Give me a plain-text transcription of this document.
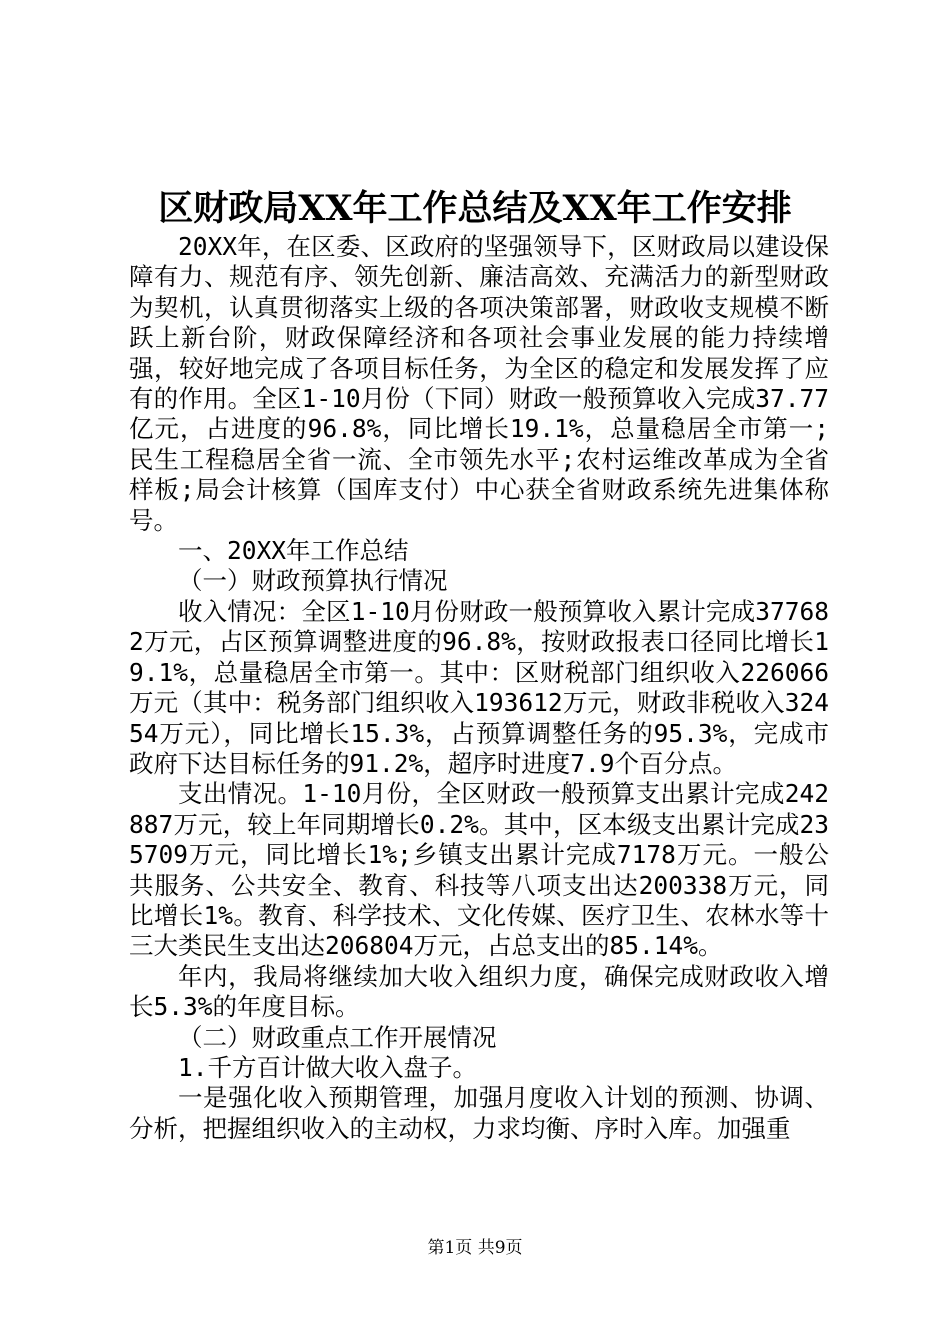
区财政局XX年工作总结及XX年工作安排

20XX年，在区委、区政府的坚强领导下，区财政局以建设保障有力、规范有序、领先创新、廉洁高效、充满活力的新型财政为契机，认真贯彻落实上级的各项决策部署，财政收支规模不断跃上新台阶，财政保障经济和各项社会事业发展的能力持续增强，较好地完成了各项目标任务，为全区的稳定和发展发挥了应有的作用。全区1-10月份（下同）财政一般预算收入完成37.77亿元，占进度的96.8%，同比增长19.1%，总量稳居全市第一;民生工程稳居全省一流、全市领先水平;农村运维改革成为全省样板;局会计核算（国库支付）中心获全省财政系统先进集体称号。

一、20XX年工作总结

（一）财政预算执行情况

收入情况：全区1-10月份财政一般预算收入累计完成377682万元，占区预算调整进度的96.8%，按财政报表口径同比增长19.1%，总量稳居全市第一。其中：区财税部门组织收入226066万元（其中：税务部门组织收入193612万元，财政非税收入32454万元），同比增长15.3%，占预算调整任务的95.3%，完成市政府下达目标任务的91.2%，超序时进度7.9个百分点。

支出情况。1-10月份，全区财政一般预算支出累计完成242887万元，较上年同期增长0.2%。其中，区本级支出累计完成235709万元，同比增长1%;乡镇支出累计完成7178万元。一般公共服务、公共安全、教育、科技等八项支出达200338万元，同比增长1%。教育、科学技术、文化传媒、医疗卫生、农林水等十三大类民生支出达206804万元，占总支出的85.14%。

年内，我局将继续加大收入组织力度，确保完成财政收入增长5.3%的年度目标。

（二）财政重点工作开展情况

1.千方百计做大收入盘子。

一是强化收入预期管理，加强月度收入计划的预测、协调、分析，把握组织收入的主动权，力求均衡、序时入库。加强重

第1页 共9页
